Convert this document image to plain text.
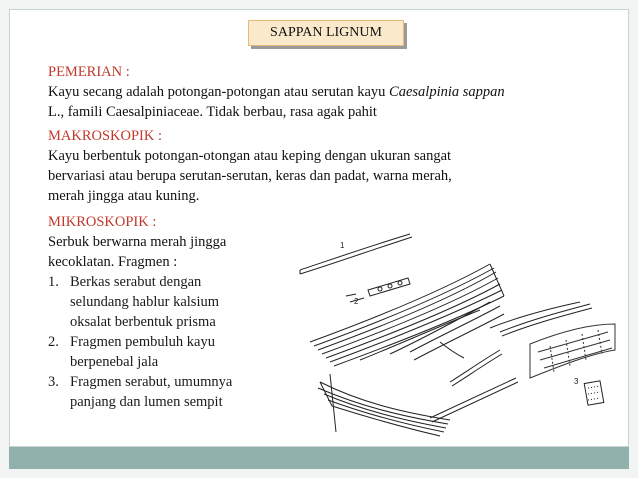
SAPPAN LIGNUM
PEMERIAN :
Kayu secang adalah potongan-potongan atau serutan kayu Caesalpinia sappan
L., famili Caesalpiniaceae. Tidak berbau, rasa agak pahit
MAKROSKOPIK :
Kayu berbentuk potongan-otongan atau keping dengan ukuran sangat
bervariasi atau berupa serutan-serutan, keras dan padat, warna merah,
merah jingga atau kuning.
MIKROSKOPIK :
Serbuk berwarna merah jingga
kecoklatan. Fragmen :
1. Berkas serabut dengan
selundang hablur kalsium
oksalat berbentuk prisma
2. Fragmen pembuluh kayu
berpenebal jala
3. Fragmen serabut, umumnya
panjang dan lumen sempit
1
2
3
